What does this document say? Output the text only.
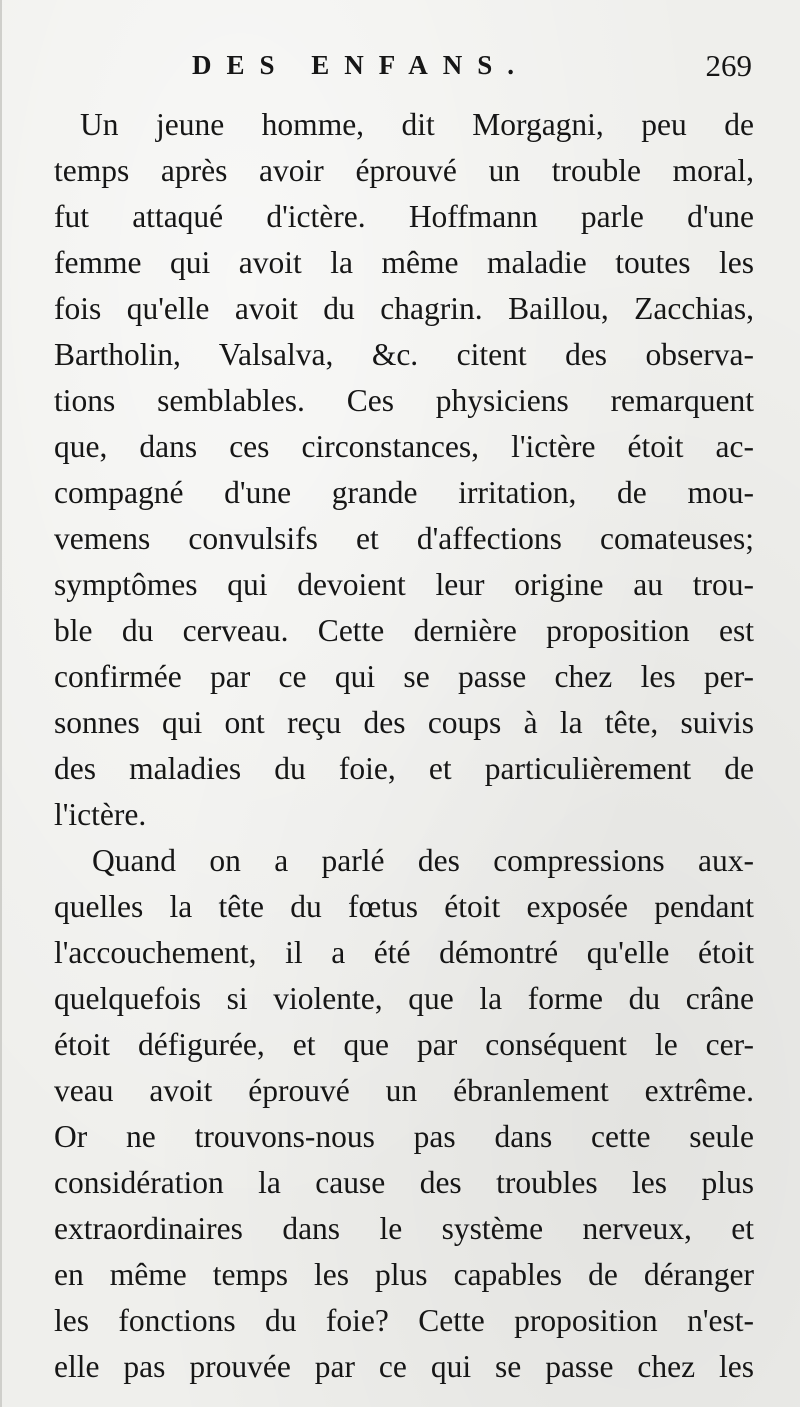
DES ENFANS.	269
Un jeune homme, dit Morgagni, peu de
temps après avoir éprouvé un trouble moral,
fut attaqué d'ictère. Hoffmann parle d'une
femme qui avoit la même maladie toutes les
fois qu'elle avoit du chagrin. Baillou, Zacchias,
Bartholin, Valsalva, &c. citent des observa-
tions semblables. Ces physiciens remarquent
que, dans ces circonstances, l'ictère étoit ac-
compagné d'une grande irritation, de mou-
vemens convulsifs et d'affections comateuses;
symptômes qui devoient leur origine au trou-
ble du cerveau. Cette dernière proposition est
confirmée par ce qui se passe chez les per-
sonnes qui ont reçu des coups à la tête, suivis
des maladies du foie, et particulièrement de
l'ictère.
Quand on a parlé des compressions aux-
quelles la tête du fœtus étoit exposée pendant
l'accouchement, il a été démontré qu'elle étoit
quelquefois si violente, que la forme du crâne
étoit défigurée, et que par conséquent le cer-
veau avoit éprouvé un ébranlement extrême.
Or ne trouvons-nous pas dans cette seule
considération la cause des troubles les plus
extraordinaires dans le système nerveux, et
en même temps les plus capables de déranger
les fonctions du foie? Cette proposition n'est-
elle pas prouvée par ce qui se passe chez les
